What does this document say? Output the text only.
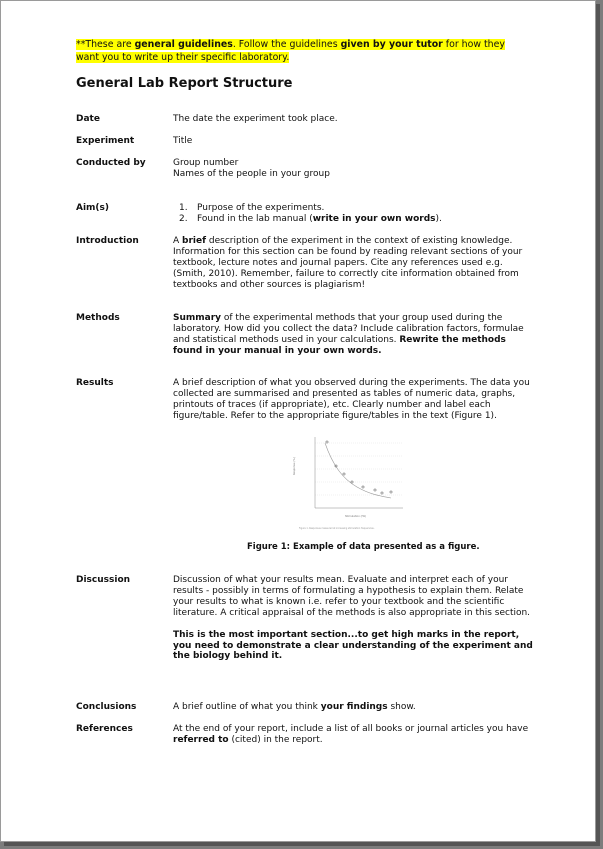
**These are general guidelines. Follow the guidelines given by your tutor for how they want you to write up their specific laboratory.
General Lab Report Structure
Date	The date the experiment took place.
Experiment	Title
Conducted by	Group number

Names of the people in your group

Aim(s)	1. Purpose of the experiments.
2. Found in the lab manual (write in your own words).
Introduction	A brief description of the experiment in the context of existing knowledge. Information for this section can be found by reading relevant sections of your textbook, lecture notes and journal papers. Cite any references used e.g. (Smith, 2010). Remember, failure to correctly cite information obtained from textbooks and other sources is plagiarism!
Methods	Summary of the experimental methods that your group used during the laboratory. How did you collect the data? Include calibration factors, formulae and statistical methods used in your calculations. Rewrite the methods found in your manual in your own words.
Results	A brief description of what you observed during the experiments. The data you collected are summarised and presented as tables of numeric data, graphs, printouts of traces (if appropriate), etc. Clearly number and label each figure/table. Refer to the appropriate figure/tables in the text (Figure 1).
Response (%)
Stimulation (Hz)
Figure 1. Responses measured at increasing stimulation frequencies.
Figure 1: Example of data presented as a figure.
Discussion	Discussion of what your results mean. Evaluate and interpret each of your results - possibly in terms of formulating a hypothesis to explain them. Relate your results to what is known i.e. refer to your textbook and the scientific literature. A critical appraisal of the methods is also appropriate in this section.

This is the most important section...to get high marks in the report, you need to demonstrate a clear understanding of the experiment and the biology behind it.

Conclusions	A brief outline of what you think your findings show.
References	At the end of your report, include a list of all books or journal articles you have referred to (cited) in the report.
